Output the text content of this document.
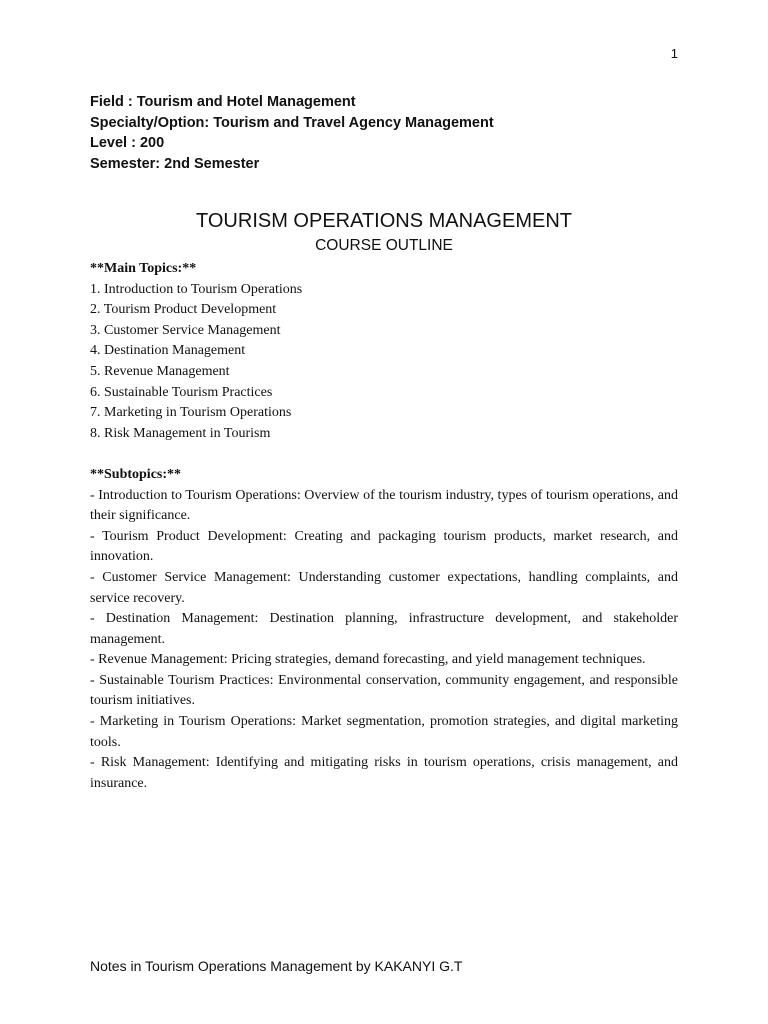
1
Field : Tourism and Hotel Management
Specialty/Option: Tourism and Travel Agency Management
Level : 200
Semester: 2nd Semester
TOURISM OPERATIONS MANAGEMENT
COURSE OUTLINE
**Main Topics:**
1. Introduction to Tourism Operations
2. Tourism Product Development
3. Customer Service Management
4. Destination Management
5. Revenue Management
6. Sustainable Tourism Practices
7. Marketing in Tourism Operations
8. Risk Management in Tourism
**Subtopics:**
- Introduction to Tourism Operations: Overview of the tourism industry, types of tourism operations, and their significance.
- Tourism Product Development: Creating and packaging tourism products, market research, and innovation.
- Customer Service Management: Understanding customer expectations, handling complaints, and service recovery.
- Destination Management: Destination planning, infrastructure development, and stakeholder management.
- Revenue Management: Pricing strategies, demand forecasting, and yield management techniques.
- Sustainable Tourism Practices: Environmental conservation, community engagement, and responsible tourism initiatives.
- Marketing in Tourism Operations: Market segmentation, promotion strategies, and digital marketing tools.
- Risk Management: Identifying and mitigating risks in tourism operations, crisis management, and insurance.
Notes in Tourism Operations Management by KAKANYI G.T
